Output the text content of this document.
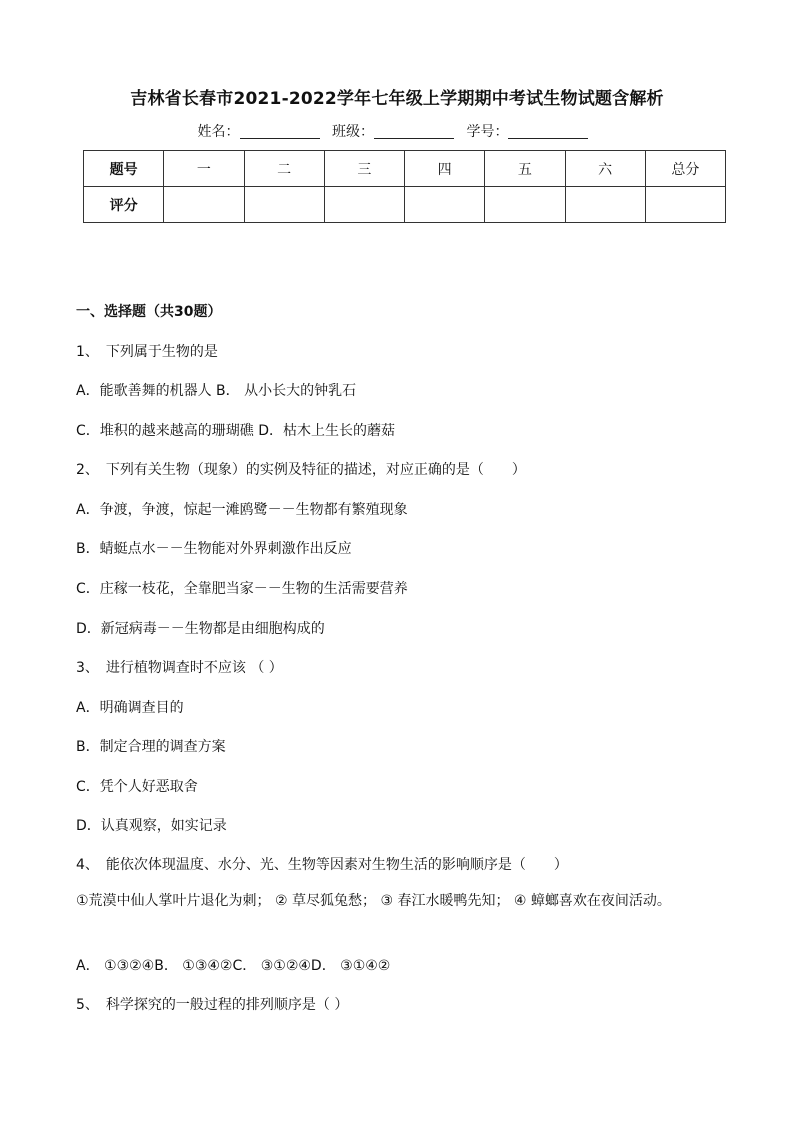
吉林省长春市2021-2022学年七年级上学期期中考试生物试题含解析
姓名：	班级：	学号：
题号	一	二	三	四	五	六	总分
评分							
一、选择题（共30题）
1、　下列属于生物的是
A．能歌善舞的机器人 B． 从小长大的钟乳石
C．堆积的越来越高的珊瑚礁 D．枯木上生长的蘑菇
2、　下列有关生物（现象）的实例及特征的描述，对应正确的是（　　）
A．争渡，争渡，惊起一滩鸥鹭－－生物都有繁殖现象
B．蜻蜓点水－－生物能对外界刺激作出反应
C．庄稼一枝花，全靠肥当家－－生物的生活需要营养
D．新冠病毒－－生物都是由细胞构成的
3、　进行植物调查时不应该 （ ）
A．明确调查目的
B．制定合理的调查方案
C．凭个人好恶取舍
D．认真观察，如实记录
4、　能依次体现温度、水分、光、生物等因素对生物生活的影响顺序是（　　）
①荒漠中仙人掌叶片退化为刺； ② 草尽狐兔愁； ③ 春江水暖鸭先知； ④ 蟑螂喜欢在夜间活动。
A． ①③②④B． ①③④②C． ③①②④D． ③①④②
5、　科学探究的一般过程的排列顺序是（ ）
